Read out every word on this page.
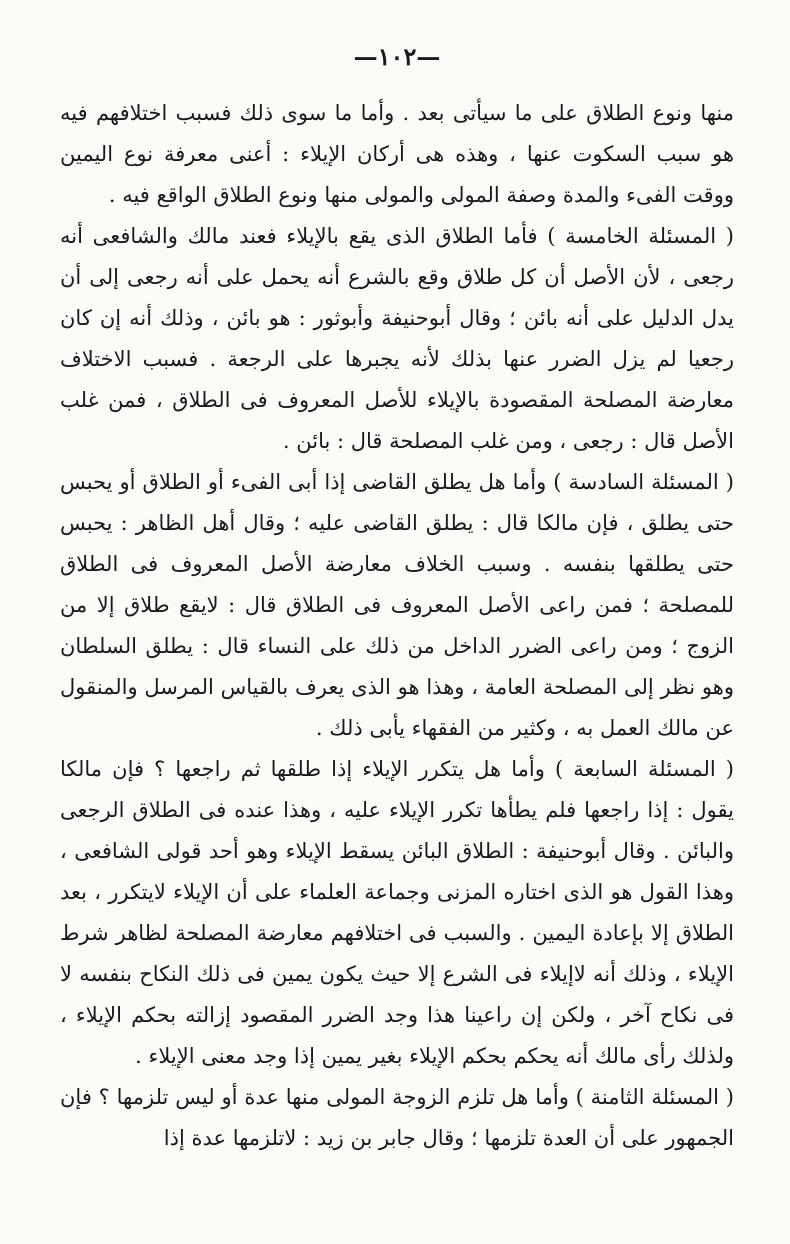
—١٠٢—

منها ونوع الطلاق على ما سيأتى بعد . وأما ما سوى ذلك فسبب اختلافهم فيه هو سبب السكوت عنها ، وهذه هى أركان الإيلاء : أعنى معرفة نوع اليمين ووقت الفىء والمدة وصفة المولى والمولى منها ونوع الطلاق الواقع فيه .

( المسئلة الخامسة ) فأما الطلاق الذى يقع بالإيلاء فعند مالك والشافعى أنه رجعى ، لأن الأصل أن كل طلاق وقع بالشرع أنه يحمل على أنه رجعى إلى أن يدل الدليل على أنه بائن ؛ وقال أبوحنيفة وأبوثور : هو بائن ، وذلك أنه إن كان رجعيا لم يزل الضرر عنها بذلك لأنه يجبرها على الرجعة . فسبب الاختلاف معارضة المصلحة المقصودة بالإيلاء للأصل المعروف فى الطلاق ، فمن غلب الأصل قال : رجعى ، ومن غلب المصلحة قال : بائن .

( المسئلة السادسة ) وأما هل يطلق القاضى إذا أبى الفىء أو الطلاق أو يحبس حتى يطلق ، فإن مالكا قال : يطلق القاضى عليه ؛ وقال أهل الظاهر : يحبس حتى يطلقها بنفسه . وسبب الخلاف معارضة الأصل المعروف فى الطلاق للمصلحة ؛ فمن راعى الأصل المعروف فى الطلاق قال : لايقع طلاق إلا من الزوج ؛ ومن راعى الضرر الداخل من ذلك على النساء قال : يطلق السلطان وهو نظر إلى المصلحة العامة ، وهذا هو الذى يعرف بالقياس المرسل والمنقول عن مالك العمل به ، وكثير من الفقهاء يأبى ذلك .

( المسئلة السابعة ) وأما هل يتكرر الإيلاء إذا طلقها ثم راجعها ؟ فإن مالكا يقول : إذا راجعها فلم يطأها تكرر الإيلاء عليه ، وهذا عنده فى الطلاق الرجعى والبائن . وقال أبوحنيفة : الطلاق البائن يسقط الإيلاء وهو أحد قولى الشافعى ، وهذا القول هو الذى اختاره المزنى وجماعة العلماء على أن الإيلاء لايتكرر ، بعد الطلاق إلا بإعادة اليمين . والسبب فى اختلافهم معارضة المصلحة لظاهر شرط الإيلاء ، وذلك أنه لاإيلاء فى الشرع إلا حيث يكون يمين فى ذلك النكاح بنفسه لا فى نكاح آخر ، ولكن إن راعينا هذا وجد الضرر المقصود إزالته بحكم الإيلاء ، ولذلك رأى مالك أنه يحكم بحكم الإيلاء بغير يمين إذا وجد معنى الإيلاء .

( المسئلة الثامنة ) وأما هل تلزم الزوجة المولى منها عدة أو ليس تلزمها ؟ فإن الجمهور على أن العدة تلزمها ؛ وقال جابر بن زيد : لاتلزمها عدة إذا
